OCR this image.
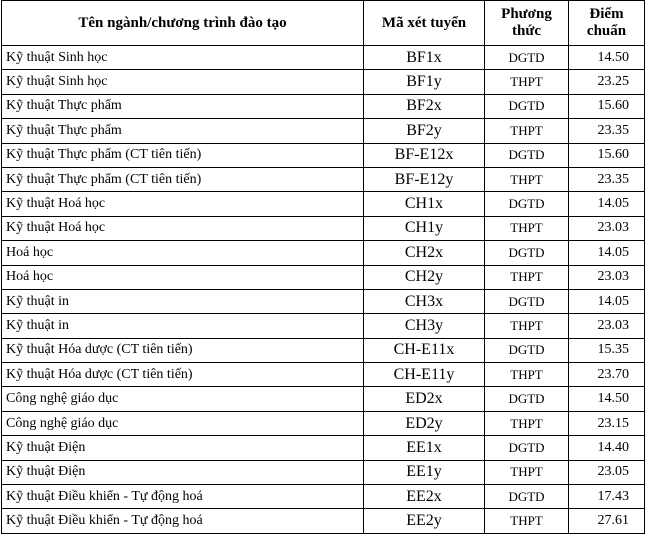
Tên ngành/chương trình đào tạo	Mã xét tuyển	Phương thức	Điểm chuẩn
Kỹ thuật Sinh học	BF1x	DGTD	14.50
Kỹ thuật Sinh học	BF1y	THPT	23.25
Kỹ thuật Thực phẩm	BF2x	DGTD	15.60
Kỹ thuật Thực phẩm	BF2y	THPT	23.35
Kỹ thuật Thực phẩm (CT tiên tiến)	BF-E12x	DGTD	15.60
Kỹ thuật Thực phẩm (CT tiên tiến)	BF-E12y	THPT	23.35
Kỹ thuật Hoá học	CH1x	DGTD	14.05
Kỹ thuật Hoá học	CH1y	THPT	23.03
Hoá học	CH2x	DGTD	14.05
Hoá học	CH2y	THPT	23.03
Kỹ thuật in	CH3x	DGTD	14.05
Kỹ thuật in	CH3y	THPT	23.03
Kỹ thuật Hóa dược (CT tiên tiến)	CH-E11x	DGTD	15.35
Kỹ thuật Hóa dược (CT tiên tiến)	CH-E11y	THPT	23.70
Công nghệ giáo dục	ED2x	DGTD	14.50
Công nghệ giáo dục	ED2y	THPT	23.15
Kỹ thuật Điện	EE1x	DGTD	14.40
Kỹ thuật Điện	EE1y	THPT	23.05
Kỹ thuật Điều khiển - Tự động hoá	EE2x	DGTD	17.43
Kỹ thuật Điều khiển - Tự động hoá	EE2y	THPT	27.61
